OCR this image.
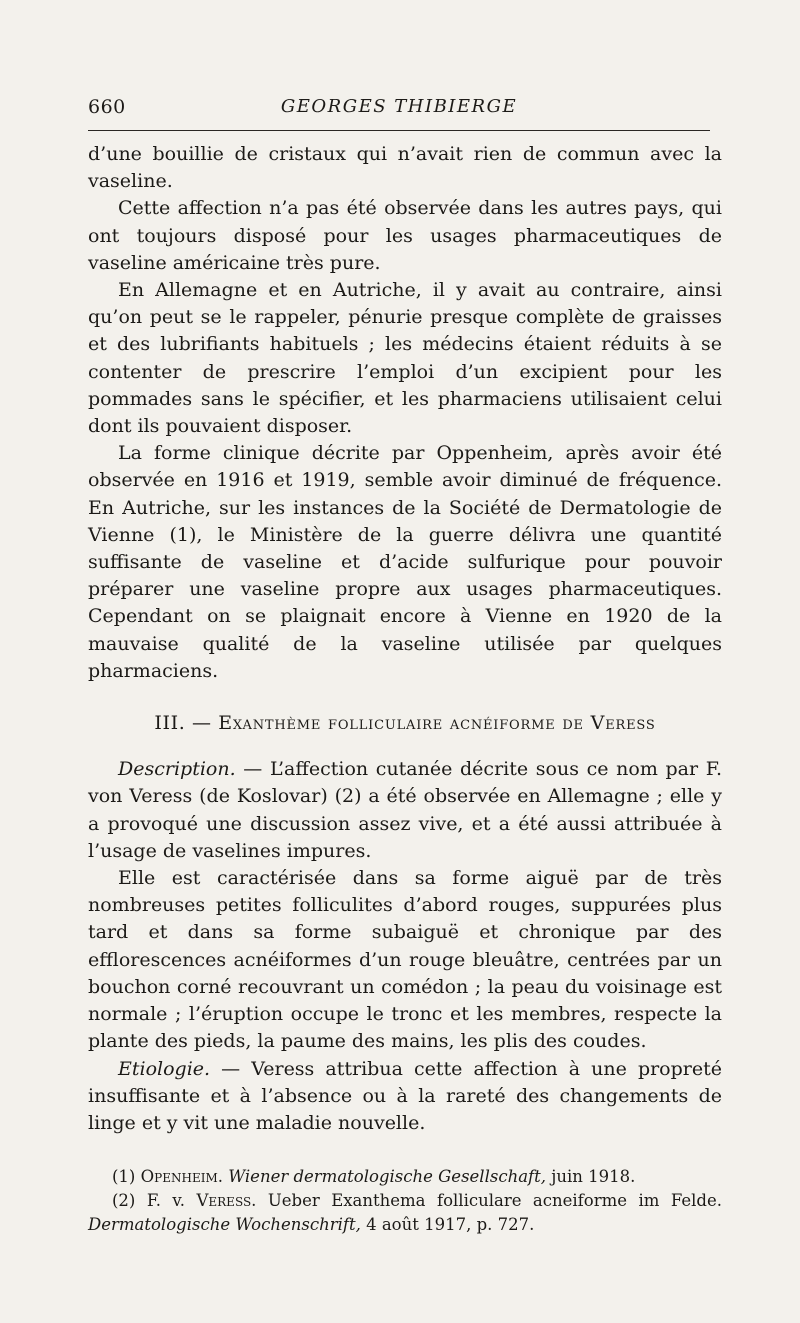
660	GEORGES THIBIERGE

d’une bouillie de cristaux qui n’avait rien de commun avec la vaseline.

Cette affection n’a pas été observée dans les autres pays, qui ont toujours disposé pour les usages pharmaceutiques de vaseline américaine très pure.

En Allemagne et en Autriche, il y avait au contraire, ainsi qu’on peut se le rappeler, pénurie presque complète de graisses et des lubrifiants habituels ; les médecins étaient réduits à se contenter de prescrire l’emploi d’un excipient pour les pommades sans le spécifier, et les pharmaciens utilisaient celui dont ils pouvaient disposer.

La forme clinique décrite par Oppenheim, après avoir été observée en 1916 et 1919, semble avoir diminué de fréquence. En Autriche, sur les instances de la Société de Dermatologie de Vienne (1), le Ministère de la guerre délivra une quantité suffisante de vaseline et d’acide sulfurique pour pouvoir préparer une vaseline propre aux usages pharmaceutiques. Cependant on se plaignait encore à Vienne en 1920 de la mauvaise qualité de la vaseline utilisée par quelques pharmaciens.

III. — Exanthème folliculaire acnéiforme de Veress

Description. — L’affection cutanée décrite sous ce nom par F. von Veress (de Koslovar) (2) a été observée en Allemagne ; elle y a provoqué une discussion assez vive, et a été aussi attribuée à l’usage de vaselines impures.

Elle est caractérisée dans sa forme aiguë par de très nombreuses petites folliculites d’abord rouges, suppurées plus tard et dans sa forme subaiguë et chronique par des efflorescences acnéiformes d’un rouge bleuâtre, centrées par un bouchon corné recouvrant un comédon ; la peau du voisinage est normale ; l’éruption occupe le tronc et les membres, respecte la plante des pieds, la paume des mains, les plis des coudes.

Etiologie. — Veress attribua cette affection à une propreté insuffisante et à l’absence ou à la rareté des changements de linge et y vit une maladie nouvelle.

(1) Openheim. Wiener dermatologische Gesellschaft, juin 1918.

(2) F. v. Veress. Ueber Exanthema folliculare acneiforme im Felde. Dermatologische Wochenschrift, 4 août 1917, p. 727.
